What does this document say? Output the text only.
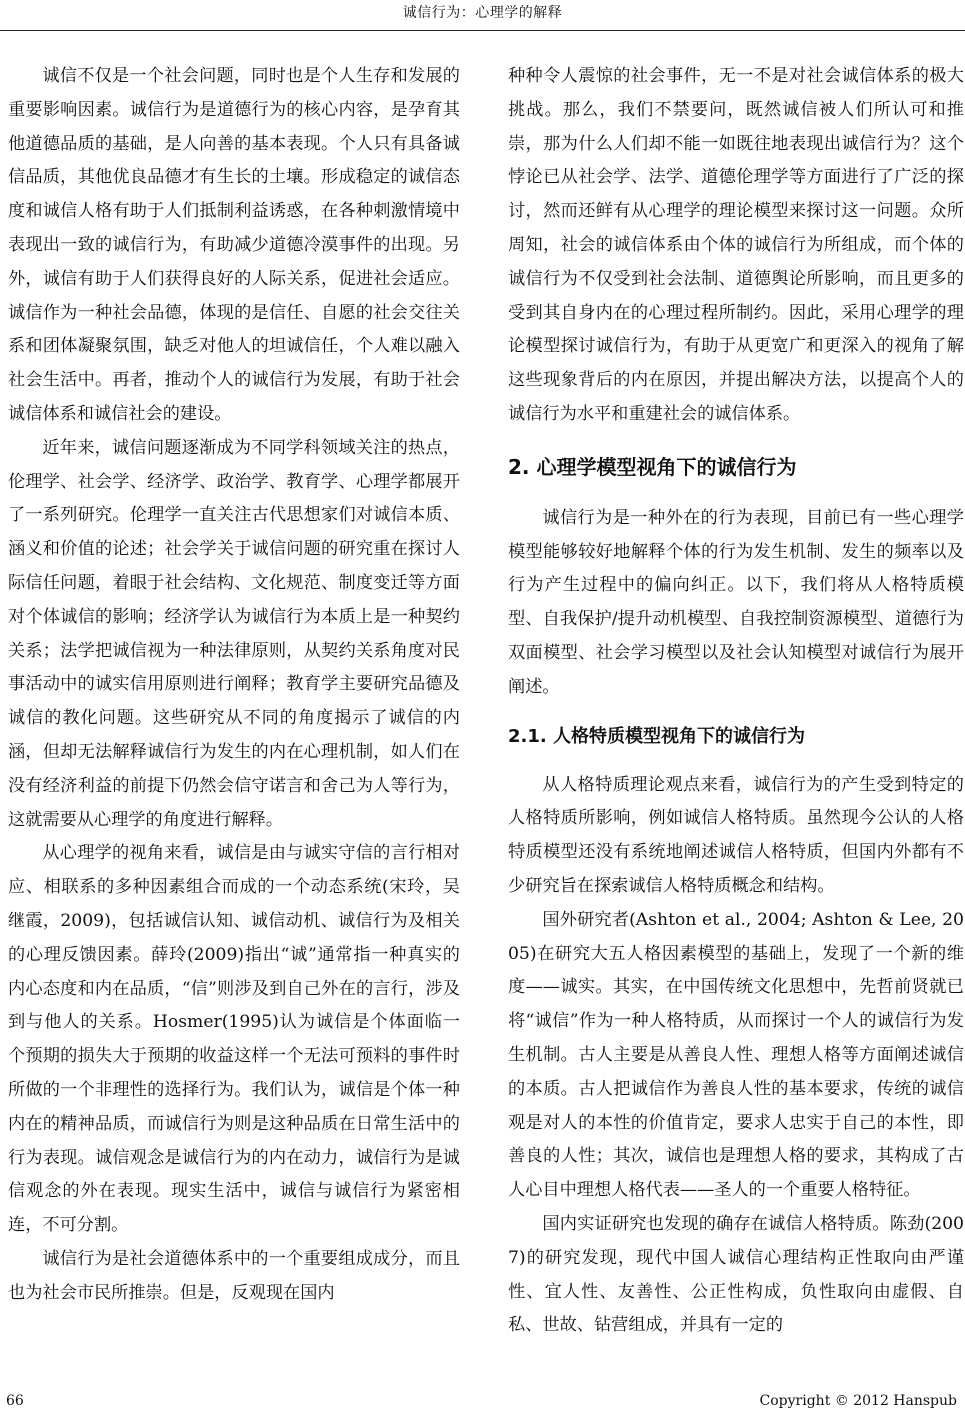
诚信行为：心理学的解释

诚信不仅是一个社会问题，同时也是个人生存和发展的重要影响因素。诚信行为是道德行为的核心内容，是孕育其他道德品质的基础，是人向善的基本表现。个人只有具备诚信品质，其他优良品德才有生长的土壤。形成稳定的诚信态度和诚信人格有助于人们抵制利益诱惑，在各种刺激情境中表现出一致的诚信行为，有助减少道德冷漠事件的出现。另外，诚信有助于人们获得良好的人际关系，促进社会适应。诚信作为一种社会品德，体现的是信任、自愿的社会交往关系和团体凝聚氛围，缺乏对他人的坦诚信任，个人难以融入社会生活中。再者，推动个人的诚信行为发展，有助于社会诚信体系和诚信社会的建设。

近年来，诚信问题逐渐成为不同学科领域关注的热点，伦理学、社会学、经济学、政治学、教育学、心理学都展开了一系列研究。伦理学一直关注古代思想家们对诚信本质、涵义和价值的论述；社会学关于诚信问题的研究重在探讨人际信任问题，着眼于社会结构、文化规范、制度变迁等方面对个体诚信的影响；经济学认为诚信行为本质上是一种契约关系；法学把诚信视为一种法律原则，从契约关系角度对民事活动中的诚实信用原则进行阐释；教育学主要研究品德及诚信的教化问题。这些研究从不同的角度揭示了诚信的内涵，但却无法解释诚信行为发生的内在心理机制，如人们在没有经济利益的前提下仍然会信守诺言和舍己为人等行为，这就需要从心理学的角度进行解释。

从心理学的视角来看，诚信是由与诚实守信的言行相对应、相联系的多种因素组合而成的一个动态系统(宋玲，吴继霞，2009)，包括诚信认知、诚信动机、诚信行为及相关的心理反馈因素。薛玲(2009)指出“诚”通常指一种真实的内心态度和内在品质，“信”则涉及到自己外在的言行，涉及到与他人的关系。Hosmer(1995)认为诚信是个体面临一个预期的损失大于预期的收益这样一个无法可预料的事件时所做的一个非理性的选择行为。我们认为，诚信是个体一种内在的精神品质，而诚信行为则是这种品质在日常生活中的行为表现。诚信观念是诚信行为的内在动力，诚信行为是诚信观念的外在表现。现实生活中，诚信与诚信行为紧密相连，不可分割。

诚信行为是社会道德体系中的一个重要组成成分，而且也为社会市民所推崇。但是，反观现在国内

种种令人震惊的社会事件，无一不是对社会诚信体系的极大挑战。那么，我们不禁要问，既然诚信被人们所认可和推崇，那为什么人们却不能一如既往地表现出诚信行为？这个悖论已从社会学、法学、道德伦理学等方面进行了广泛的探讨，然而还鲜有从心理学的理论模型来探讨这一问题。众所周知，社会的诚信体系由个体的诚信行为所组成，而个体的诚信行为不仅受到社会法制、道德舆论所影响，而且更多的受到其自身内在的心理过程所制约。因此，采用心理学的理论模型探讨诚信行为，有助于从更宽广和更深入的视角了解这些现象背后的内在原因，并提出解决方法，以提高个人的诚信行为水平和重建社会的诚信体系。

2. 心理学模型视角下的诚信行为

诚信行为是一种外在的行为表现，目前已有一些心理学模型能够较好地解释个体的行为发生机制、发生的频率以及行为产生过程中的偏向纠正。以下，我们将从人格特质模型、自我保护/提升动机模型、自我控制资源模型、道德行为双面模型、社会学习模型以及社会认知模型对诚信行为展开阐述。

2.1. 人格特质模型视角下的诚信行为

从人格特质理论观点来看，诚信行为的产生受到特定的人格特质所影响，例如诚信人格特质。虽然现今公认的人格特质模型还没有系统地阐述诚信人格特质，但国内外都有不少研究旨在探索诚信人格特质概念和结构。

国外研究者(Ashton et al., 2004; Ashton & Lee, 2005)在研究大五人格因素模型的基础上，发现了一个新的维度——诚实。其实，在中国传统文化思想中，先哲前贤就已将“诚信”作为一种人格特质，从而探讨一个人的诚信行为发生机制。古人主要是从善良人性、理想人格等方面阐述诚信的本质。古人把诚信作为善良人性的基本要求，传统的诚信观是对人的本性的价值肯定，要求人忠实于自己的本性，即善良的人性；其次，诚信也是理想人格的要求，其构成了古人心目中理想人格代表——圣人的一个重要人格特征。

国内实证研究也发现的确存在诚信人格特质。陈劲(2007)的研究发现，现代中国人诚信心理结构正性取向由严谨性、宜人性、友善性、公正性构成，负性取向由虚假、自私、世故、钻营组成，并具有一定的

66	Copyright © 2012 Hanspub
